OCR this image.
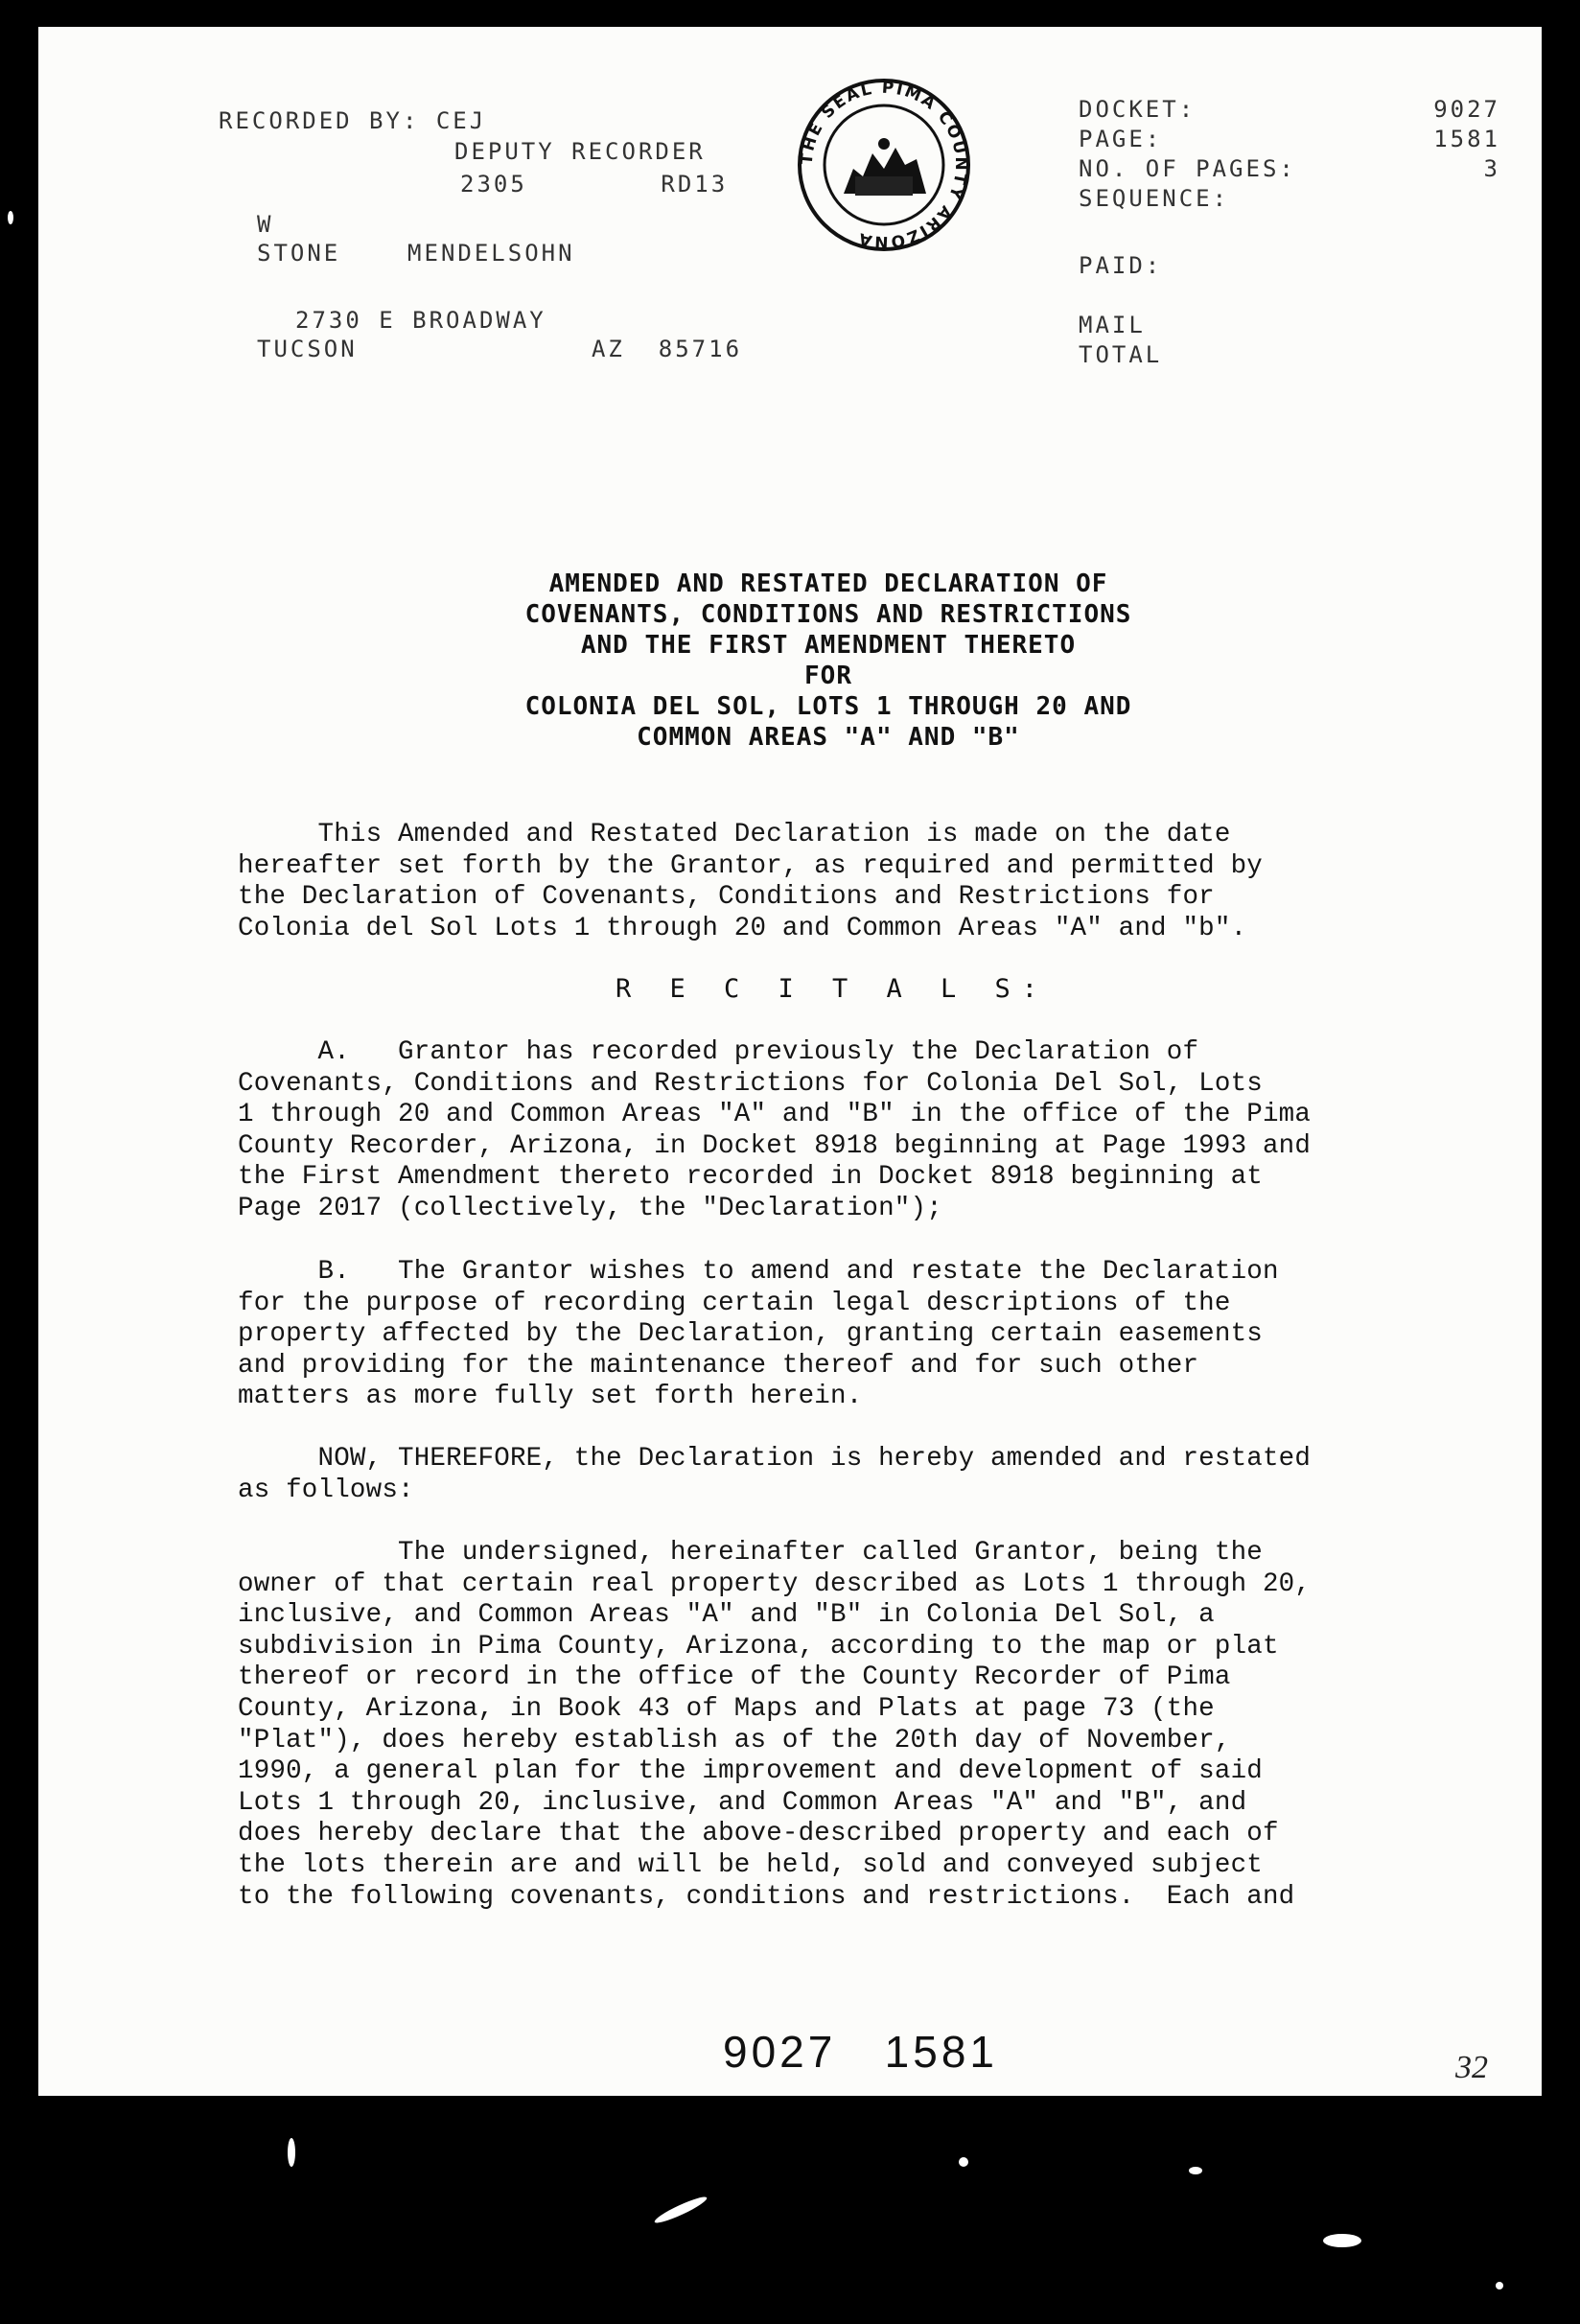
RECORDED BY: CEJ
DEPUTY RECORDER
2305        RD13
W
STONE    MENDELSOHN
2730 E BROADWAY
TUCSON              AZ  85716
THE SEAL PIMA COUNTY ARIZONA
DOCKET:	9027
PAGE:	1581
NO. OF PAGES:	3
SEQUENCE:
PAID:
MAIL
TOTAL
AMENDED AND RESTATED DECLARATION OF
COVENANTS, CONDITIONS AND RESTRICTIONS
AND THE FIRST AMENDMENT THERETO
FOR
COLONIA DEL SOL, LOTS 1 THROUGH 20 AND
COMMON AREAS "A" AND "B"
This Amended and Restated Declaration is made on the date
hereafter set forth by the Grantor, as required and permitted by
the Declaration of Covenants, Conditions and Restrictions for
Colonia del Sol Lots 1 through 20 and Common Areas "A" and "b".
R E C I T A L S:
A.   Grantor has recorded previously the Declaration of
Covenants, Conditions and Restrictions for Colonia Del Sol, Lots
1 through 20 and Common Areas "A" and "B" in the office of the Pima
County Recorder, Arizona, in Docket 8918 beginning at Page 1993 and
the First Amendment thereto recorded in Docket 8918 beginning at
Page 2017 (collectively, the "Declaration");
B.   The Grantor wishes to amend and restate the Declaration
for the purpose of recording certain legal descriptions of the
property affected by the Declaration, granting certain easements
and providing for the maintenance thereof and for such other
matters as more fully set forth herein.
NOW, THEREFORE, the Declaration is hereby amended and restated
as follows:
The undersigned, hereinafter called Grantor, being the
owner of that certain real property described as Lots 1 through 20,
inclusive, and Common Areas "A" and "B" in Colonia Del Sol, a
subdivision in Pima County, Arizona, according to the map or plat
thereof or record in the office of the County Recorder of Pima
County, Arizona, in Book 43 of Maps and Plats at page 73 (the
"Plat"), does hereby establish as of the 20th day of November,
1990, a general plan for the improvement and development of said
Lots 1 through 20, inclusive, and Common Areas "A" and "B", and
does hereby declare that the above-described property and each of
the lots therein are and will be held, sold and conveyed subject
to the following covenants, conditions and restrictions.  Each and
9027   1581	32
